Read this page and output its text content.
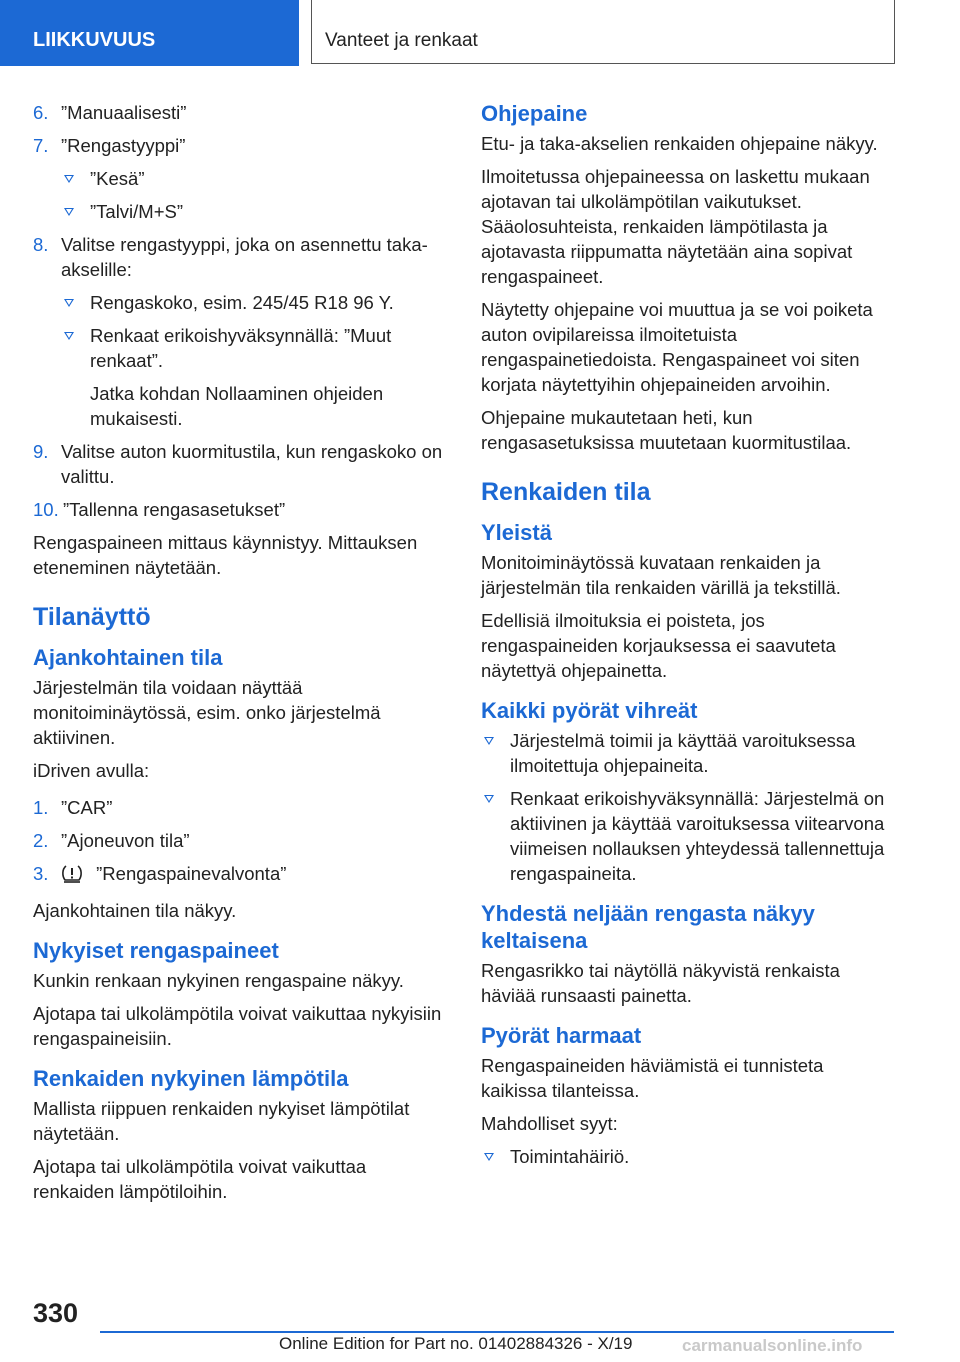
LIIKKUVUUS	Vanteet ja renkaat
6. ”Manuaalisesti”
7. ”Rengastyyppi”
”Kesä”
”Talvi/M+S”
8. Valitse rengastyyppi, joka on asennettu taka-akselille:
Rengaskoko, esim. 245/45 R18 96 Y.
Renkaat erikoishyväksynnällä: ”Muut renkaat”.
Jatka kohdan Nollaaminen ohjeiden mukaisesti.
9. Valitse auton kuormitustila, kun rengaskoko on valittu.
10. ”Tallenna rengasasetukset”

Rengaspaineen mittaus käynnistyy. Mittauksen eteneminen näytetään.

Tilanäyttö
Ajankohtainen tila

Järjestelmän tila voidaan näyttää monitoiminäytössä, esim. onko järjestelmä aktiivinen.

iDriven avulla:

1. ”CAR”
2. ”Ajoneuvon tila”
3.	”Rengaspainevalvonta”

Ajankohtainen tila näkyy.

Nykyiset rengaspaineet

Kunkin renkaan nykyinen rengaspaine näkyy.

Ajotapa tai ulkolämpötila voivat vaikuttaa nykyisiin rengaspaineisiin.

Renkaiden nykyinen lämpötila

Mallista riippuen renkaiden nykyiset lämpötilat näytetään.

Ajotapa tai ulkolämpötila voivat vaikuttaa renkaiden lämpötiloihin.

Ohjepaine

Etu- ja taka-akselien renkaiden ohjepaine näkyy.

Ilmoitetussa ohjepaineessa on laskettu mukaan ajotavan tai ulkolämpötilan vaikutukset. Sääolosuhteista, renkaiden lämpötilasta ja ajotavasta riippumatta näytetään aina sopivat rengaspaineet.

Näytetty ohjepaine voi muuttua ja se voi poiketa auton ovipilareissa ilmoitetuista rengaspainetiedoista. Rengaspaineet voi siten korjata näytettyihin ohjepaineiden arvoihin.

Ohjepaine mukautetaan heti, kun rengasasetuksissa muutetaan kuormitustilaa.

Renkaiden tila
Yleistä

Monitoiminäytössä kuvataan renkaiden ja järjestelmän tila renkaiden värillä ja tekstillä.

Edellisiä ilmoituksia ei poisteta, jos rengaspaineiden korjauksessa ei saavuteta näytettyä ohjepainetta.

Kaikki pyörät vihreät
Järjestelmä toimii ja käyttää varoituksessa ilmoitettuja ohjepaineita.
Renkaat erikoishyväksynnällä: Järjestelmä on aktiivinen ja käyttää varoituksessa viitearvona viimeisen nollauksen yhteydessä tallennettuja rengaspaineita.
Yhdestä neljään rengasta näkyy keltaisena

Rengasrikko tai näytöllä näkyvistä renkaista häviää runsaasti painetta.

Pyörät harmaat

Rengaspaineiden häviämistä ei tunnisteta kaikissa tilanteissa.

Mahdolliset syyt:

Toimintahäiriö.
330
Online Edition for Part no. 01402884326 - X/19	carmanualsonline.info
